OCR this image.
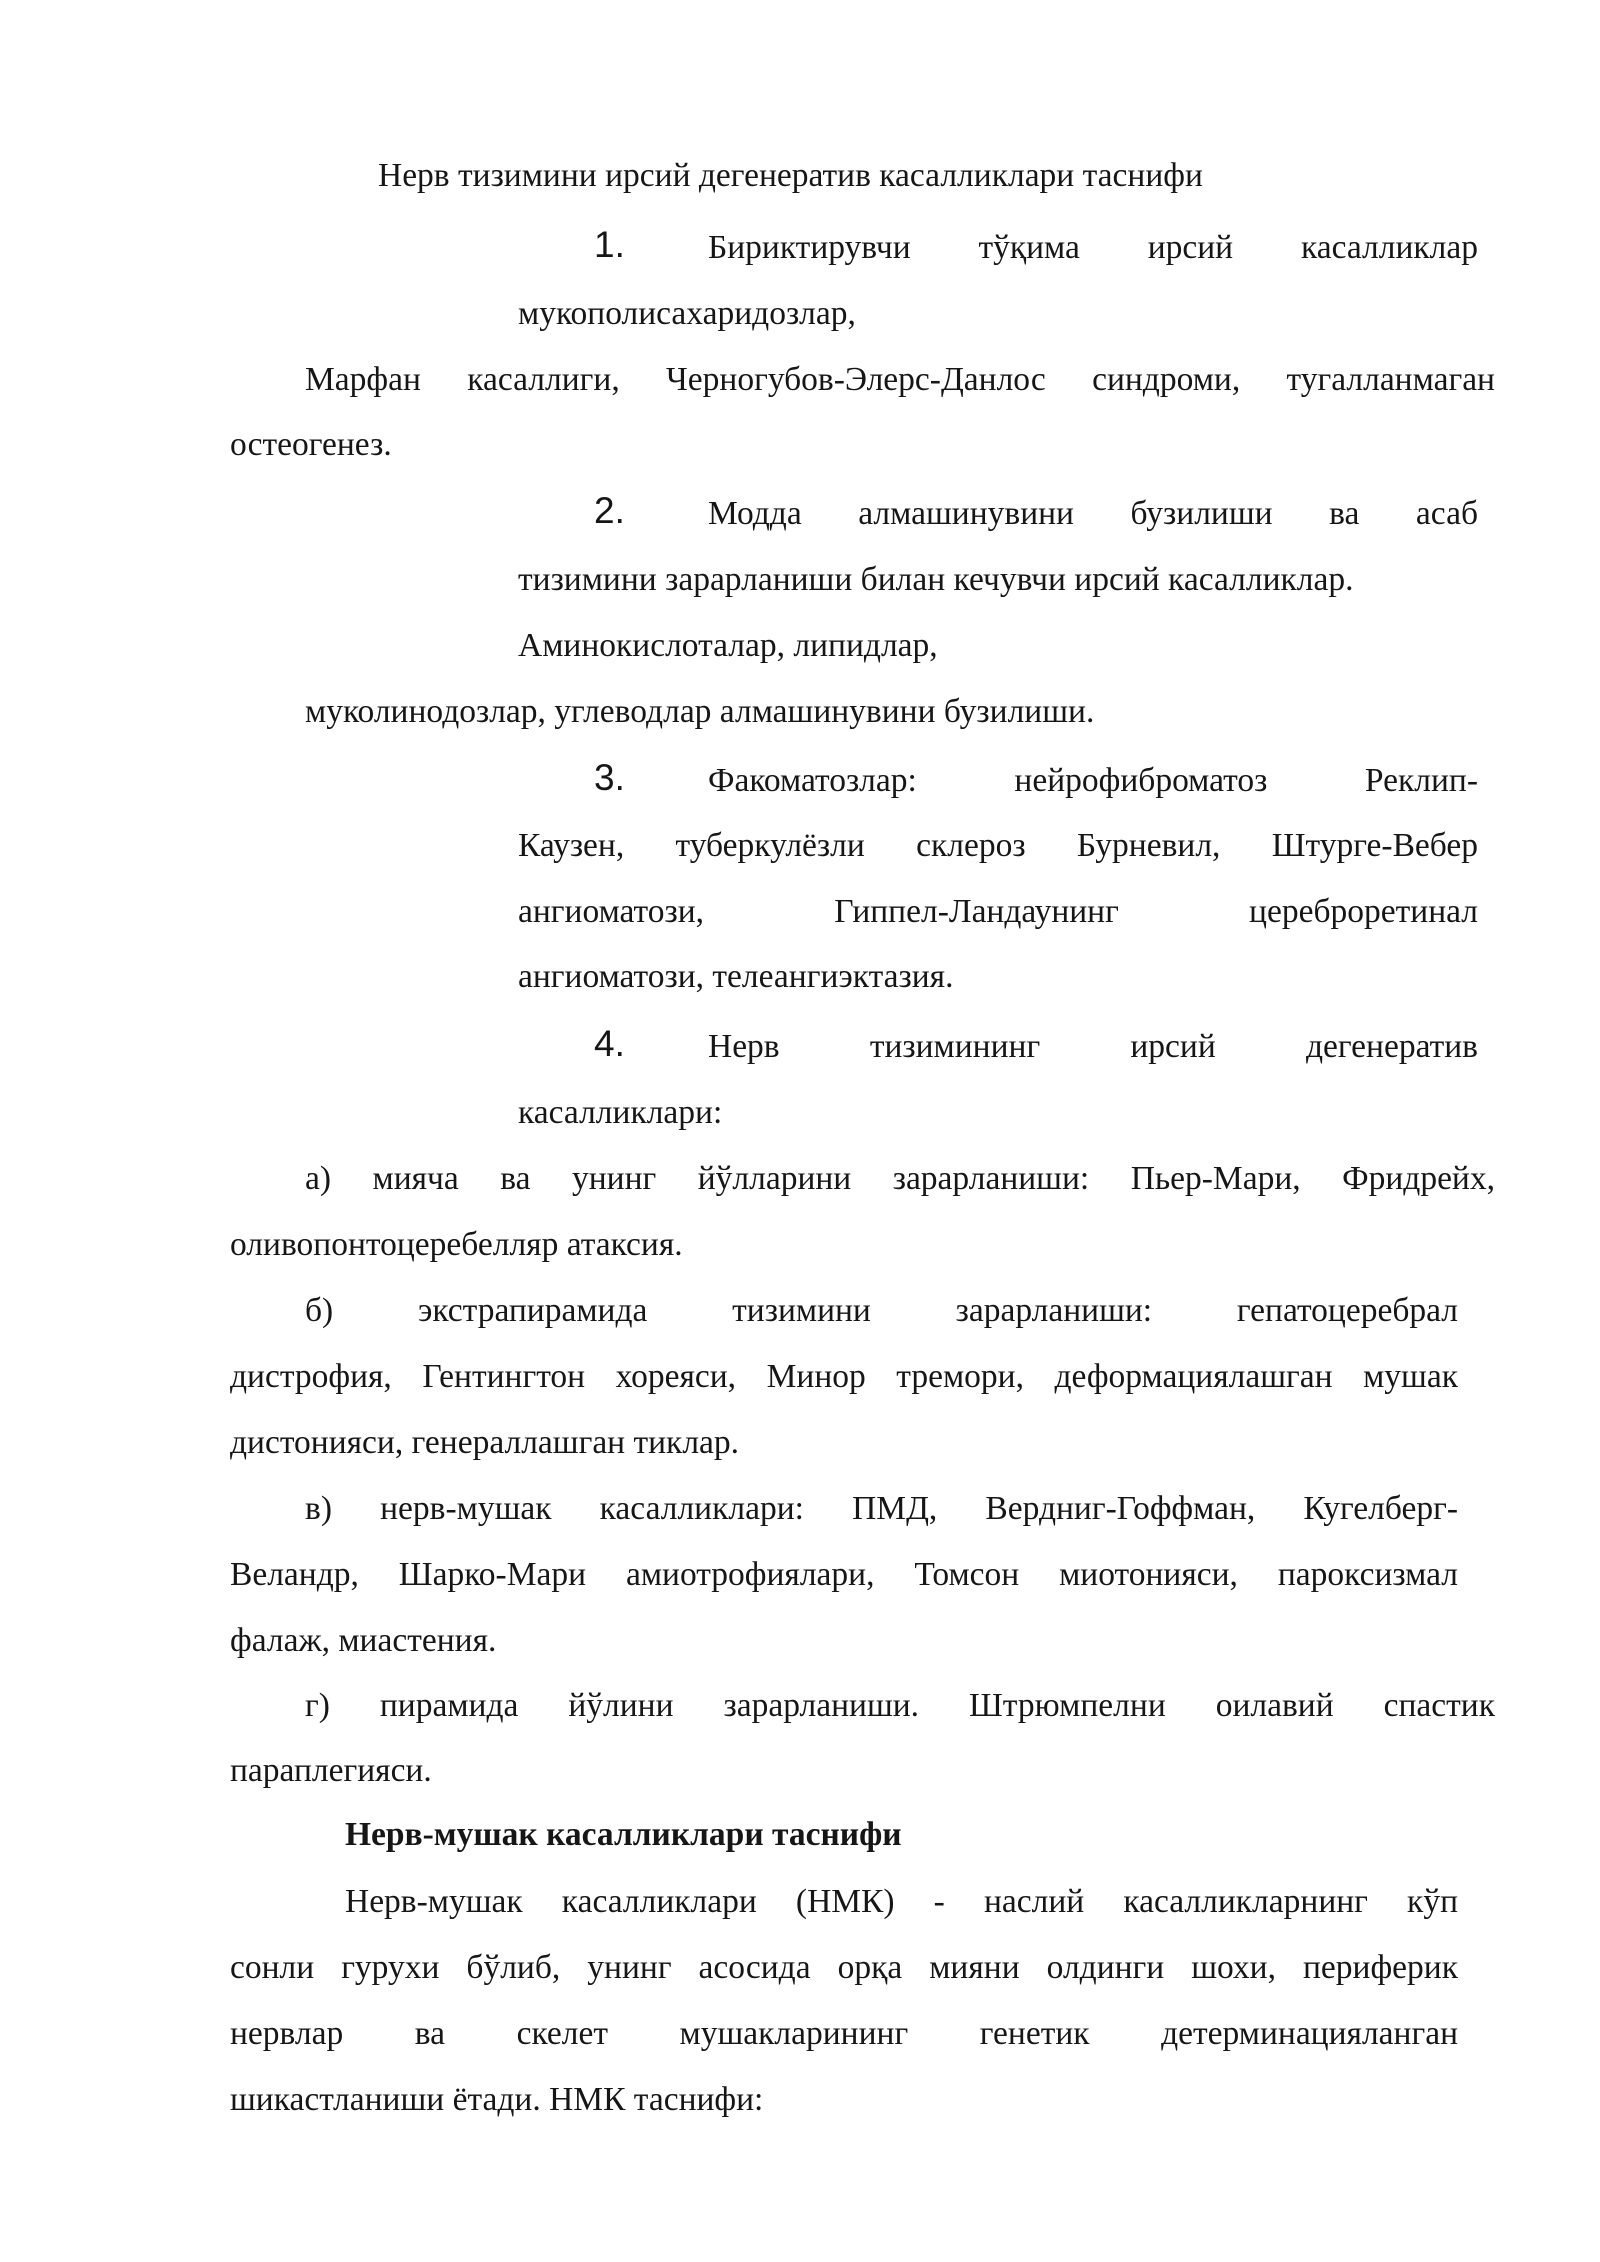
Нерв тизимини ирсий дегенератив касалликлари таснифи

1. Бириктирувчи тўқима ирсий касалликлар

мукополисахаридозлар,

Марфан касаллиги, Черногубов-Элерс-Данлос синдроми, тугалланмаган

остеогенез.

2. Модда алмашинувини бузилиши ва асаб

тизимини зарарланиши билан кечувчи ирсий касалликлар.

Аминокислоталар, липидлар,

муколинодозлар, углеводлар алмашинувини бузилиши.

3. Факоматозлар: нейрофиброматоз Реклип-

Каузен, туберкулёзли склероз Бурневил, Штурге-Вебер

ангиоматози, Гиппел-Ландаунинг цереброретинал

ангиоматози, телеангиэктазия.

4. Нерв тизимининг ирсий дегенератив

касалликлари:

а) мияча ва унинг йўлларини зарарланиши: Пьер-Мари, Фридрейх,

оливопонтоцеребелляр атаксия.

б) экстрапирамида тизимини зарарланиши: гепатоцеребрал

дистрофия, Гентингтон хореяси, Минор тремори, деформациялашган мушак

дистонияси, генераллашган тиклар.

в) нерв-мушак касалликлари: ПМД, Вердниг-Гоффман, Кугелберг-

Веландр, Шарко-Мари амиотрофиялари, Томсон миотонияси, пароксизмал

фалаж, миастения.

г) пирамида йўлини зарарланиши. Штрюмпелни оилавий спастик

параплегияси.

Нерв-мушак касалликлари таснифи

Нерв-мушак касалликлари (НМК) - наслий касалликларнинг кўп

сонли гурухи бўлиб, унинг асосида орқа мияни олдинги шохи, периферик

нервлар ва скелет мушакларининг генетик детерминацияланган

шикастланиши ётади. НМК таснифи:
